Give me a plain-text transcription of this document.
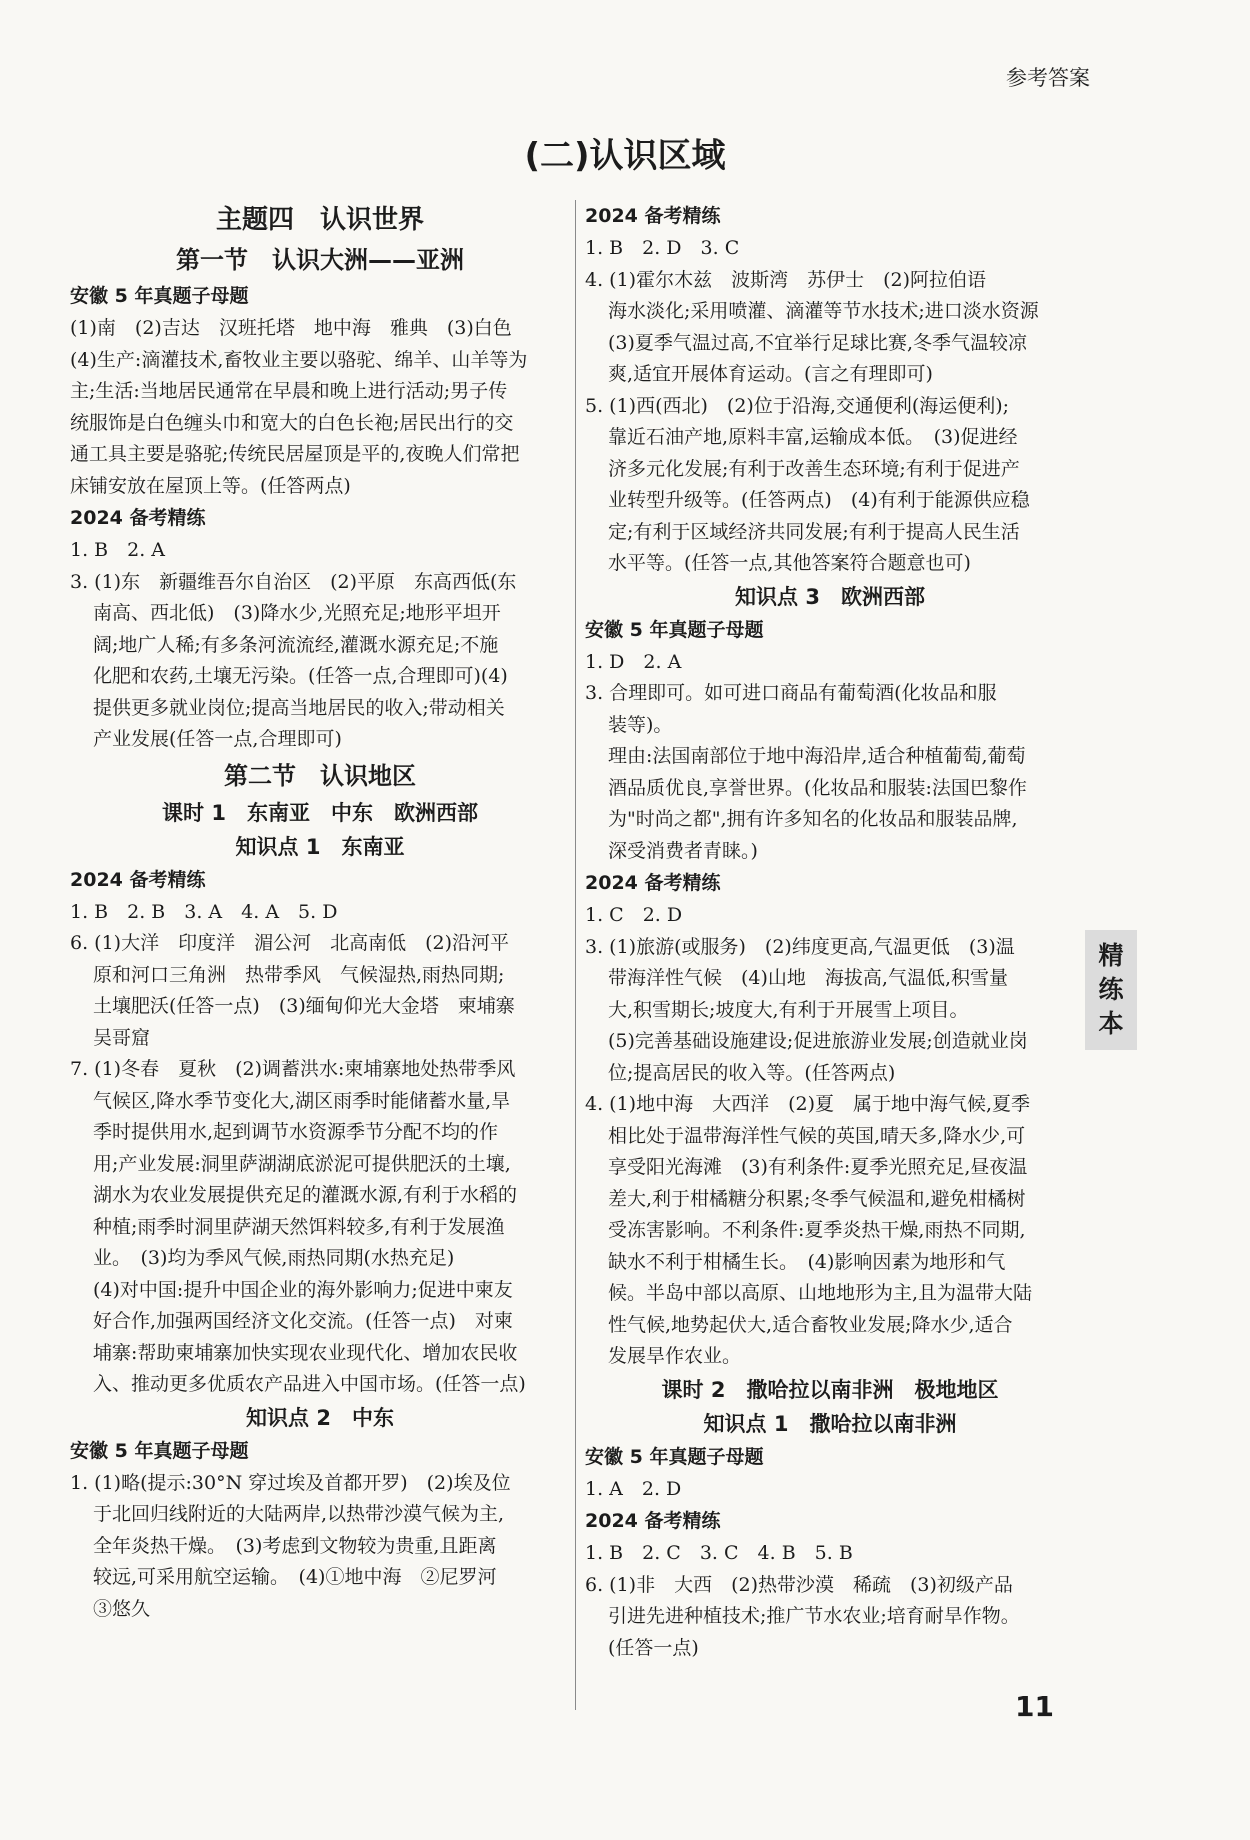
参考答案
(二)认识区域
主题四　认识世界
第一节　认识大洲——亚洲
安徽 5 年真题子母题
(1)南　(2)吉达　汉班托塔　地中海　雅典　(3)白色
(4)生产:滴灌技术,畜牧业主要以骆驼、绵羊、山羊等为
主;生活:当地居民通常在早晨和晚上进行活动;男子传
统服饰是白色缠头巾和宽大的白色长袍;居民出行的交
通工具主要是骆驼;传统民居屋顶是平的,夜晚人们常把
床铺安放在屋顶上等。(任答两点)
2024 备考精练
1. B　2. A
3. (1)东　新疆维吾尔自治区　(2)平原　东高西低(东
南高、西北低)　(3)降水少,光照充足;地形平坦开
阔;地广人稀;有多条河流流经,灌溉水源充足;不施
化肥和农药,土壤无污染。(任答一点,合理即可)(4)
提供更多就业岗位;提高当地居民的收入;带动相关
产业发展(任答一点,合理即可)
第二节　认识地区
课时 1　东南亚　中东　欧洲西部
知识点 1　东南亚
2024 备考精练
1. B　2. B　3. A　4. A　5. D
6. (1)大洋　印度洋　湄公河　北高南低　(2)沿河平
原和河口三角洲　热带季风　气候湿热,雨热同期;
土壤肥沃(任答一点)　(3)缅甸仰光大金塔　柬埔寨
吴哥窟
7. (1)冬春　夏秋　(2)调蓄洪水:柬埔寨地处热带季风
气候区,降水季节变化大,湖区雨季时能储蓄水量,旱
季时提供用水,起到调节水资源季节分配不均的作
用;产业发展:洞里萨湖湖底淤泥可提供肥沃的土壤,
湖水为农业发展提供充足的灌溉水源,有利于水稻的
种植;雨季时洞里萨湖天然饵料较多,有利于发展渔
业。　(3)均为季风气候,雨热同期(水热充足)
(4)对中国:提升中国企业的海外影响力;促进中柬友
好合作,加强两国经济文化交流。(任答一点)　对柬
埔寨:帮助柬埔寨加快实现农业现代化、增加农民收
入、推动更多优质农产品进入中国市场。(任答一点)
知识点 2　中东
安徽 5 年真题子母题
1. (1)略(提示:30°N 穿过埃及首都开罗)　(2)埃及位
于北回归线附近的大陆两岸,以热带沙漠气候为主,
全年炎热干燥。　(3)考虑到文物较为贵重,且距离
较远,可采用航空运输。　(4)①地中海　②尼罗河
③悠久
2024 备考精练
1. B　2. D　3. C
4. (1)霍尔木兹　波斯湾　苏伊士　(2)阿拉伯语
海水淡化;采用喷灌、滴灌等节水技术;进口淡水资源
(3)夏季气温过高,不宜举行足球比赛,冬季气温较凉
爽,适宜开展体育运动。(言之有理即可)
5. (1)西(西北)　(2)位于沿海,交通便利(海运便利);
靠近石油产地,原料丰富,运输成本低。　(3)促进经
济多元化发展;有利于改善生态环境;有利于促进产
业转型升级等。(任答两点)　(4)有利于能源供应稳
定;有利于区域经济共同发展;有利于提高人民生活
水平等。(任答一点,其他答案符合题意也可)
知识点 3　欧洲西部
安徽 5 年真题子母题
1. D　2. A
3. 合理即可。如可进口商品有葡萄酒(化妆品和服
装等)。
理由:法国南部位于地中海沿岸,适合种植葡萄,葡萄
酒品质优良,享誉世界。(化妆品和服装:法国巴黎作
为"时尚之都",拥有许多知名的化妆品和服装品牌,
深受消费者青睐。)
2024 备考精练
1. C　2. D
3. (1)旅游(或服务)　(2)纬度更高,气温更低　(3)温
带海洋性气候　(4)山地　海拔高,气温低,积雪量
大,积雪期长;坡度大,有利于开展雪上项目。
(5)完善基础设施建设;促进旅游业发展;创造就业岗
位;提高居民的收入等。(任答两点)
4. (1)地中海　大西洋　(2)夏　属于地中海气候,夏季
相比处于温带海洋性气候的英国,晴天多,降水少,可
享受阳光海滩　(3)有利条件:夏季光照充足,昼夜温
差大,利于柑橘糖分积累;冬季气候温和,避免柑橘树
受冻害影响。不利条件:夏季炎热干燥,雨热不同期,
缺水不利于柑橘生长。　(4)影响因素为地形和气
候。半岛中部以高原、山地地形为主,且为温带大陆
性气候,地势起伏大,适合畜牧业发展;降水少,适合
发展旱作农业。
课时 2　撒哈拉以南非洲　极地地区
知识点 1　撒哈拉以南非洲
安徽 5 年真题子母题
1. A　2. D
2024 备考精练
1. B　2. C　3. C　4. B　5. B
6. (1)非　大西　(2)热带沙漠　稀疏　(3)初级产品
引进先进种植技术;推广节水农业;培育耐旱作物。
(任答一点)
精
练
本
11
